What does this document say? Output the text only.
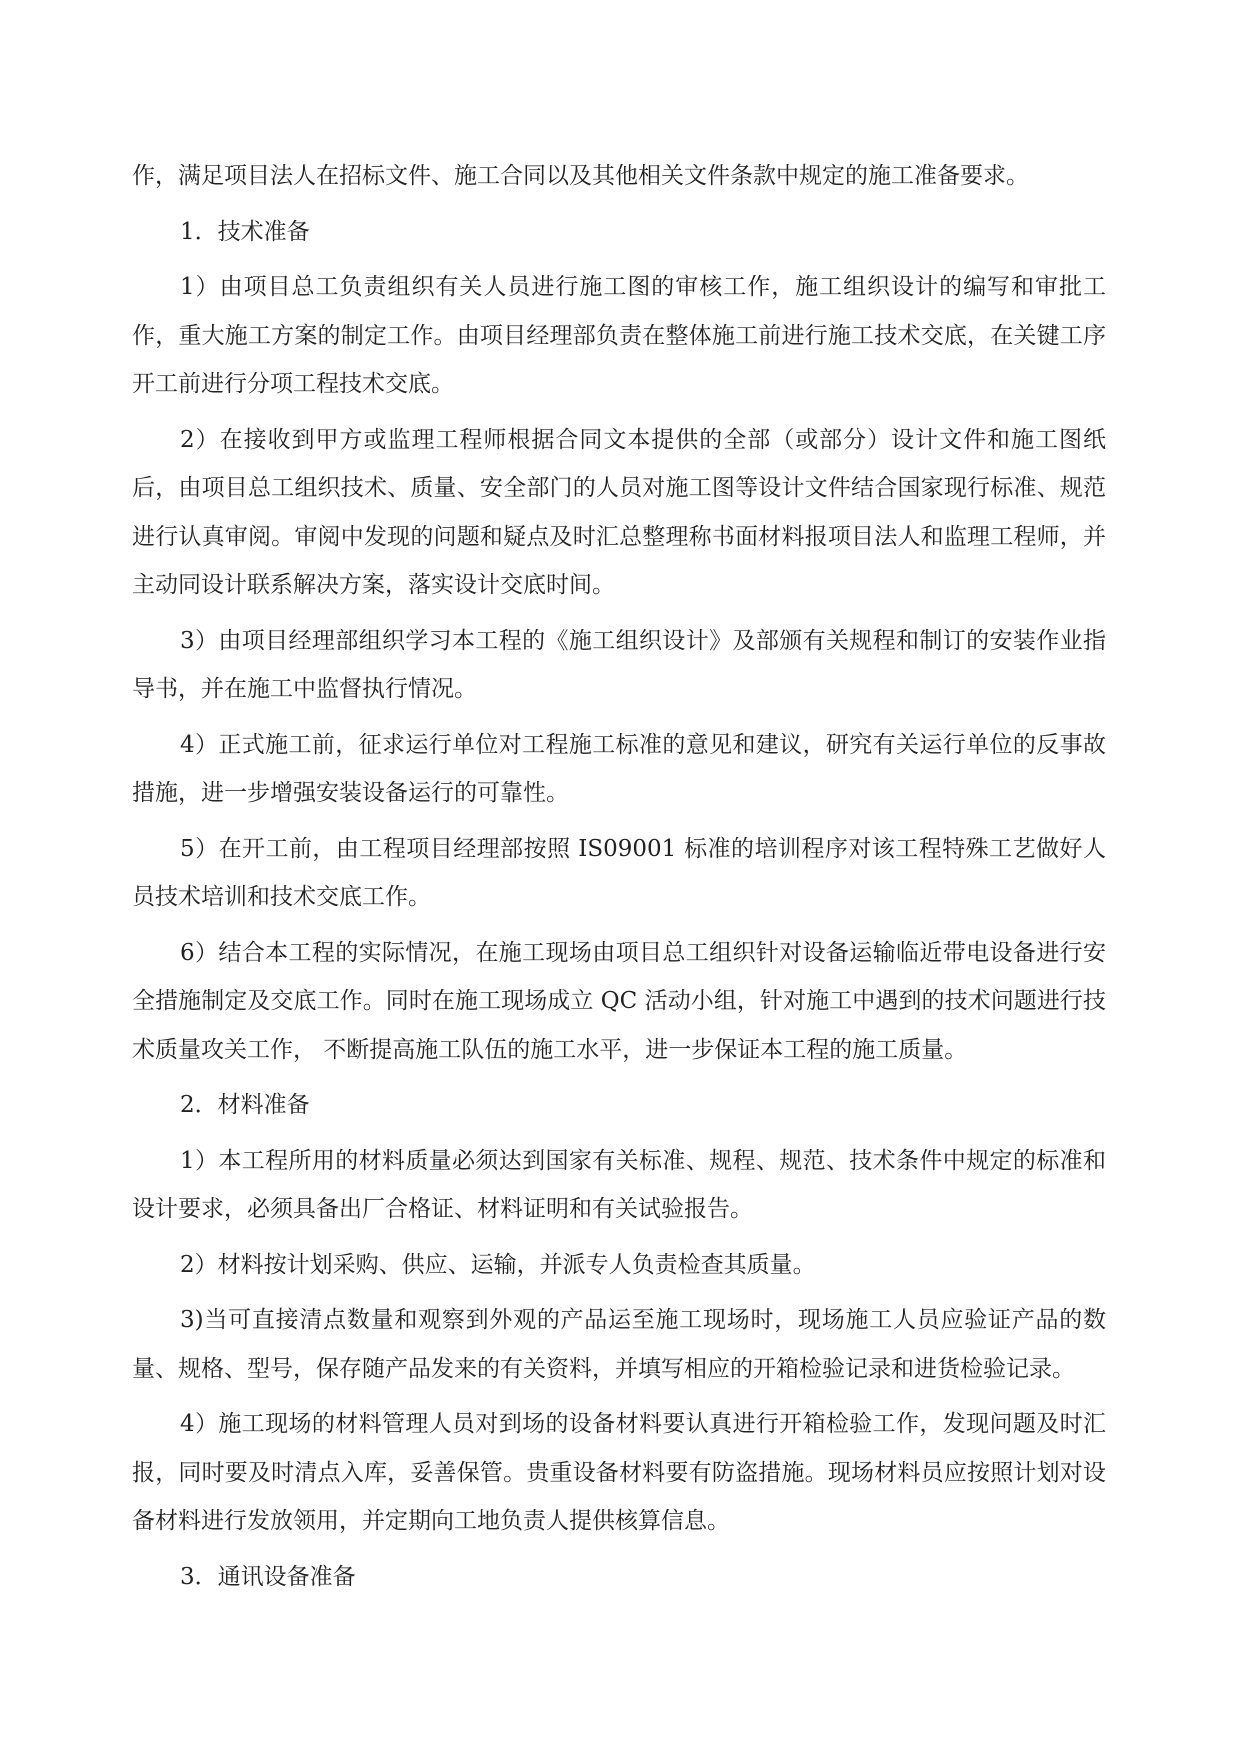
作，满足项目法人在招标文件、施工合同以及其他相关文件条款中规定的施工准备要求。

1．技术准备

1）由项目总工负责组织有关人员进行施工图的审核工作，施工组织设计的编写和审批工作，重大施工方案的制定工作。由项目经理部负责在整体施工前进行施工技术交底，在关键工序开工前进行分项工程技术交底。

2）在接收到甲方或监理工程师根据合同文本提供的全部（或部分）设计文件和施工图纸后，由项目总工组织技术、质量、安全部门的人员对施工图等设计文件结合国家现行标准、规范进行认真审阅。审阅中发现的问题和疑点及时汇总整理称书面材料报项目法人和监理工程师，并主动同设计联系解决方案，落实设计交底时间。

3）由项目经理部组织学习本工程的《施工组织设计》及部颁有关规程和制订的安装作业指导书，并在施工中监督执行情况。

4）正式施工前，征求运行单位对工程施工标准的意见和建议，研究有关运行单位的反事故措施，进一步增强安装设备运行的可靠性。

5）在开工前，由工程项目经理部按照 IS09001 标准的培训程序对该工程特殊工艺做好人员技术培训和技术交底工作。

6）结合本工程的实际情况，在施工现场由项目总工组织针对设备运输临近带电设备进行安全措施制定及交底工作。同时在施工现场成立 QC 活动小组，针对施工中遇到的技术问题进行技术质量攻关工作， 不断提高施工队伍的施工水平，进一步保证本工程的施工质量。

2．材料准备

1）本工程所用的材料质量必须达到国家有关标准、规程、规范、技术条件中规定的标准和设计要求，必须具备出厂合格证、材料证明和有关试验报告。

2）材料按计划采购、供应、运输，并派专人负责检查其质量。

3)当可直接清点数量和观察到外观的产品运至施工现场时，现场施工人员应验证产品的数量、规格、型号，保存随产品发来的有关资料，并填写相应的开箱检验记录和进货检验记录。

4）施工现场的材料管理人员对到场的设备材料要认真进行开箱检验工作，发现问题及时汇报，同时要及时清点入库，妥善保管。贵重设备材料要有防盗措施。现场材料员应按照计划对设备材料进行发放领用，并定期向工地负责人提供核算信息。

3．通讯设备准备
